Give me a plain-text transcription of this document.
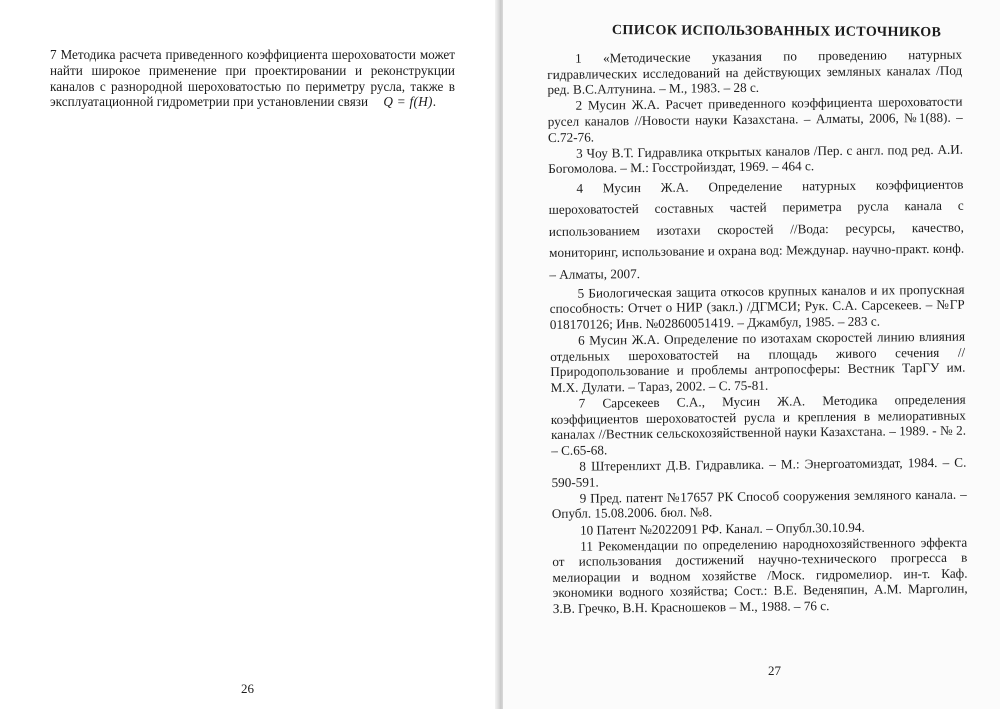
7 Методика расчета приведенного коэффициента шероховатости может найти широкое применение при проектировании и реконструкции каналов с разнородной шероховатостью по периметру русла, также в эксплуатационной гидрометрии при установлении связи Q = f(H).
26
СПИСОК ИСПОЛЬЗОВАННЫХ ИСТОЧНИКОВ

1 «Методические указания по проведению натурных гидравлических исследований на действующих земляных каналах /Под ред. В.С.Алтунина. – М., 1983. – 28 с.

2 Мусин Ж.А. Расчет приведенного коэффициента шероховатости русел каналов //Новости науки Казахстана. – Алматы, 2006, №1(88). – С.72-76.

3 Чоу В.Т. Гидравлика открытых каналов /Пер. с англ. под ред. А.И. Богомолова. – М.: Госстройиздат, 1969. – 464 с.

4 Мусин Ж.А. Определение натурных коэффициентов шероховатостей составных частей периметра русла канала с использованием изотахи скоростей //Вода: ресурсы, качество, мониторинг, использование и охрана вод: Междунар. научно-практ. конф. – Алматы, 2007.

5 Биологическая защита откосов крупных каналов и их пропускная способность: Отчет о НИР (закл.) /ДГМСИ; Рук. С.А. Сарсекеев. – №ГР 018170126; Инв. №02860051419. – Джамбул, 1985. – 283 с.

6 Мусин Ж.А. Определение по изотахам скоростей линию влияния отдельных шероховатостей на площадь живого сечения //Природопользование и проблемы антропосферы: Вестник ТарГУ им. М.Х. Дулати. – Тараз, 2002. – С. 75-81.

7 Сарсекеев С.А., Мусин Ж.А. Методика определения коэффициентов шероховатостей русла и крепления в мелиоративных каналах //Вестник сельскохозяйственной науки Казахстана. – 1989. - № 2. – С.65-68.

8 Штеренлихт Д.В. Гидравлика. – М.: Энергоатомиздат, 1984. – С. 590-591.

9 Пред. патент №17657 РК Способ сооружения земляного канала. – Опубл. 15.08.2006. бюл. №8.

10 Патент №2022091 РФ. Канал. – Опубл.30.10.94.

11 Рекомендации по определению народнохозяйственного эффекта от использования достижений научно-технического прогресса в мелиорации и водном хозяйстве /Моск. гидромелиор. ин-т. Каф. экономики водного хозяйства; Сост.: В.Е. Веденяпин, А.М. Марголин, З.В. Гречко, В.Н. Красношеков – М., 1988. – 76 с.

27
